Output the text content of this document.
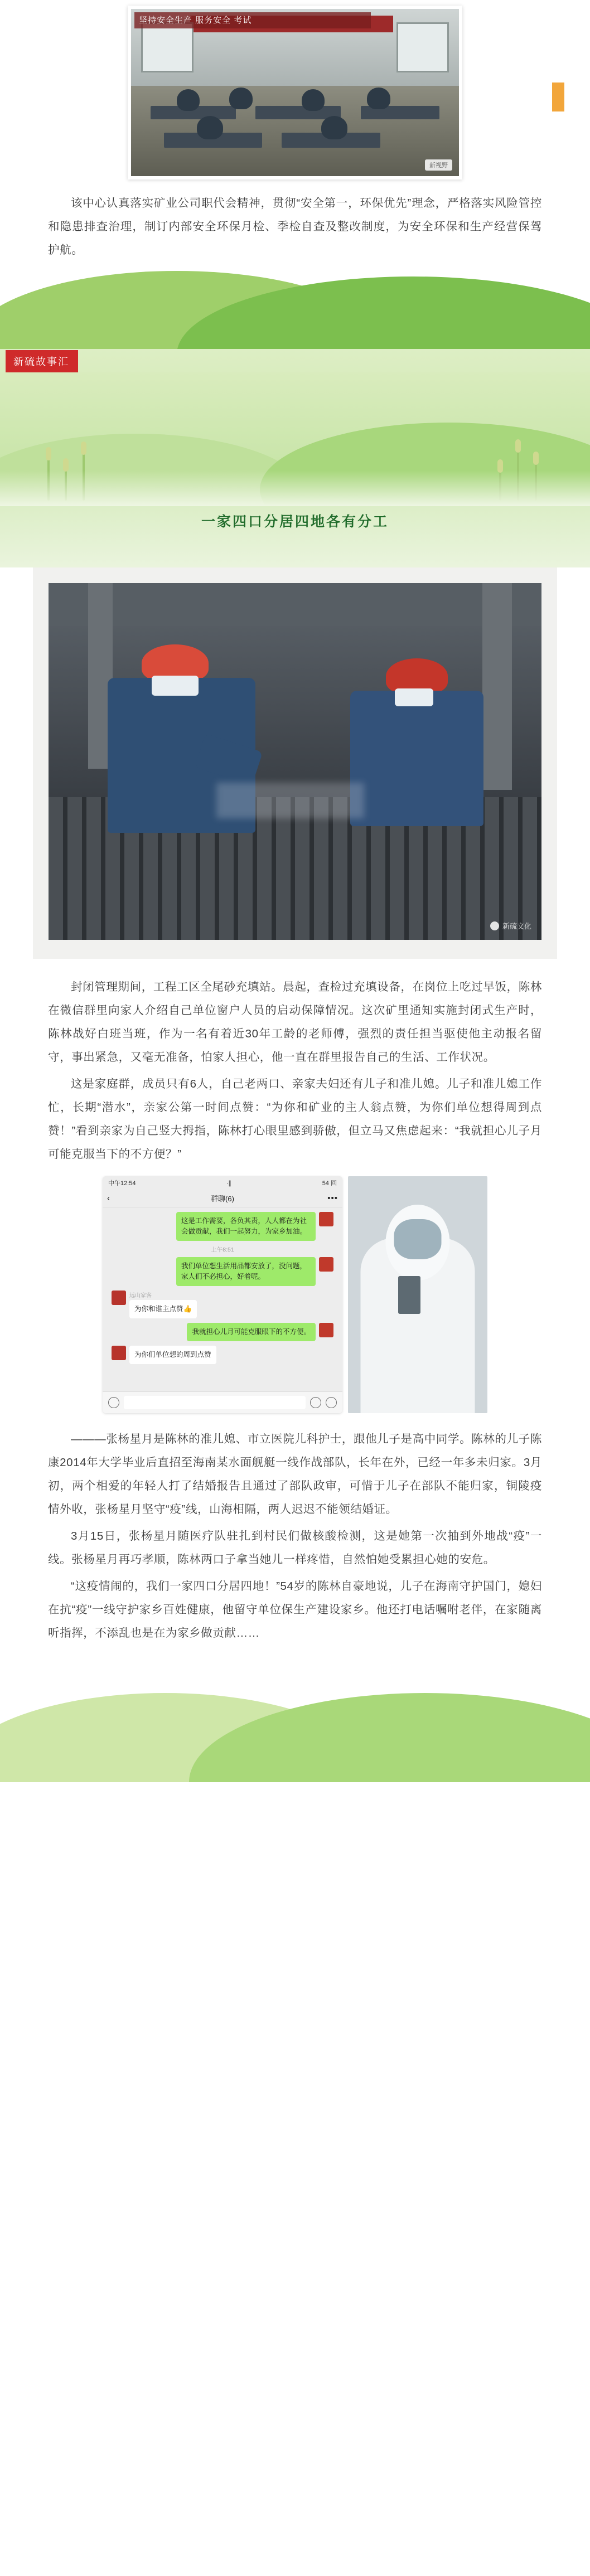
坚持安全生产 服务安全 考试
新视野

该中心认真落实矿业公司职代会精神，贯彻“安全第一，环保优先”理念，严格落实风险管控和隐患排查治理，制订内部安全环保月检、季检自查及整改制度，为安全环保和生产经营保驾护航。

新硫故事汇
一家四口分居四地各有分工
新硫文化

封闭管理期间，工程工区全尾砂充填站。晨起，查检过充填设备，在岗位上吃过早饭，陈林在微信群里向家人介绍自己单位窗户人员的启动保障情况。这次矿里通知实施封闭式生产时，陈林战好白班当班，作为一名有着近30年工龄的老师傅，强烈的责任担当驱使他主动报名留守，事出紧急，又毫无准备，怕家人担心，他一直在群里报告自己的生活、工作状况。

这是家庭群，成员只有6人，自己老两口、亲家夫妇还有儿子和准儿媳。儿子和准儿媳工作忙，长期“潜水”，亲家公第一时间点赞：“为你和矿业的主人翁点赞，为你们单位想得周到点赞！”看到亲家为自己竖大拇指，陈林打心眼里感到骄傲，但立马又焦虑起来：“我就担心儿子月可能克服当下的不方便？”

中午12:54	∙∥	54 回
‹	群聊(6)	•••
这是工作需要，各负其责，人人都在为社会做贡献，我们一起努力，为家乡加油。
上午8:51
我们单位想生活用品都安放了，没问题，家人们不必担心，好着呢。
远山家客
为你和谁主点赞👍
我就担心儿月可能克服眼下的不方便。
为你们单位想的周到点赞

———张杨星月是陈林的准儿媳、市立医院儿科护士，跟他儿子是高中同学。陈林的儿子陈康2014年大学毕业后直招至海南某水面舰艇一线作战部队，长年在外，已经一年多未归家。3月初，两个相爱的年轻人打了结婚报告且通过了部队政审，可惜于儿子在部队不能归家，铜陵疫情外收，张杨星月坚守“疫”线，山海相隔，两人迟迟不能领结婚证。

3月15日，张杨星月随医疗队驻扎到村民们做核酸检测，这是她第一次抽到外地战“疫”一线。张杨星月再巧孝顺，陈林两口子拿当她儿一样疼惜，自然怕她受累担心她的安危。

“这疫情闹的，我们一家四口分居四地！”54岁的陈林自豪地说，儿子在海南守护国门，媳妇在抗“疫”一线守护家乡百姓健康，他留守单位保生产建设家乡。他还打电话嘱咐老伴，在家随离听指挥，不添乱也是在为家乡做贡献……
